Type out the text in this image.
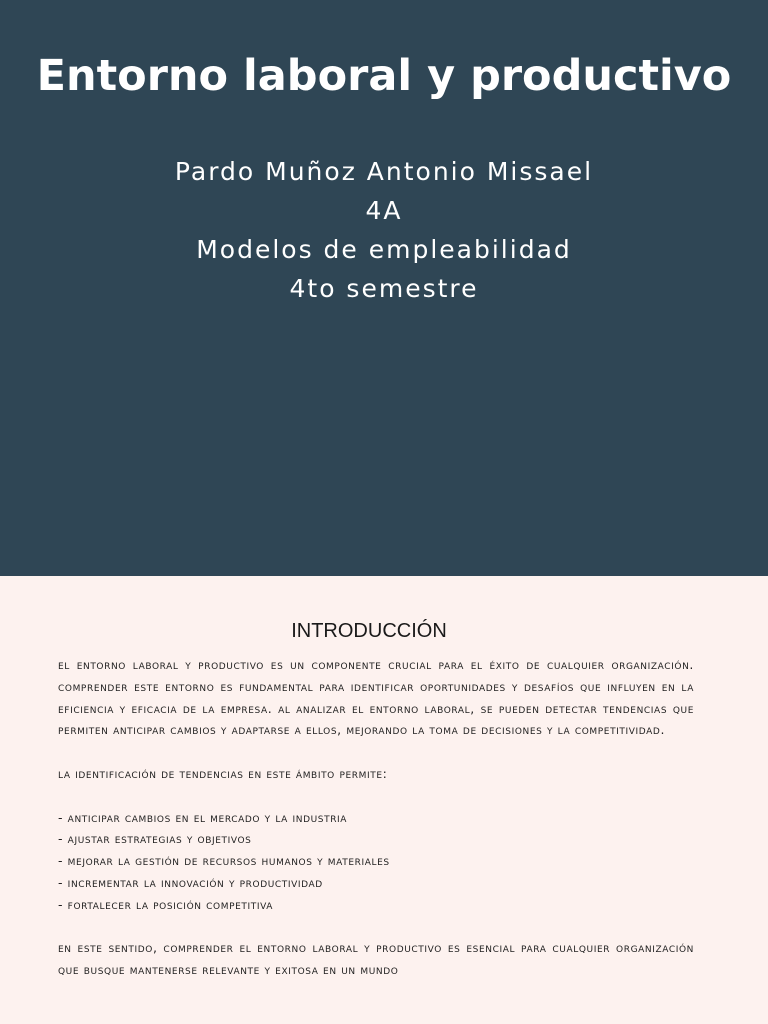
Entorno laboral y productivo
Pardo Muñoz Antonio Missael
4A
Modelos de empleabilidad
4to semestre
INTRODUCCIÓN

el entorno laboral y productivo es un componente crucial para el éxito de cualquier organización. comprender este entorno es fundamental para identificar oportunidades y desafíos que influyen en la eficiencia y eficacia de la empresa. al analizar el entorno laboral, se pueden detectar tendencias que permiten anticipar cambios y adaptarse a ellos, mejorando la toma de decisiones y la competitividad.

la identificación de tendencias en este ámbito permite:

- anticipar cambios en el mercado y la industria
- ajustar estrategias y objetivos
- mejorar la gestión de recursos humanos y materiales
- incrementar la innovación y productividad
- fortalecer la posición competitiva

en este sentido, comprender el entorno laboral y productivo es esencial para cualquier organización que busque mantenerse relevante y exitosa en un mundo
